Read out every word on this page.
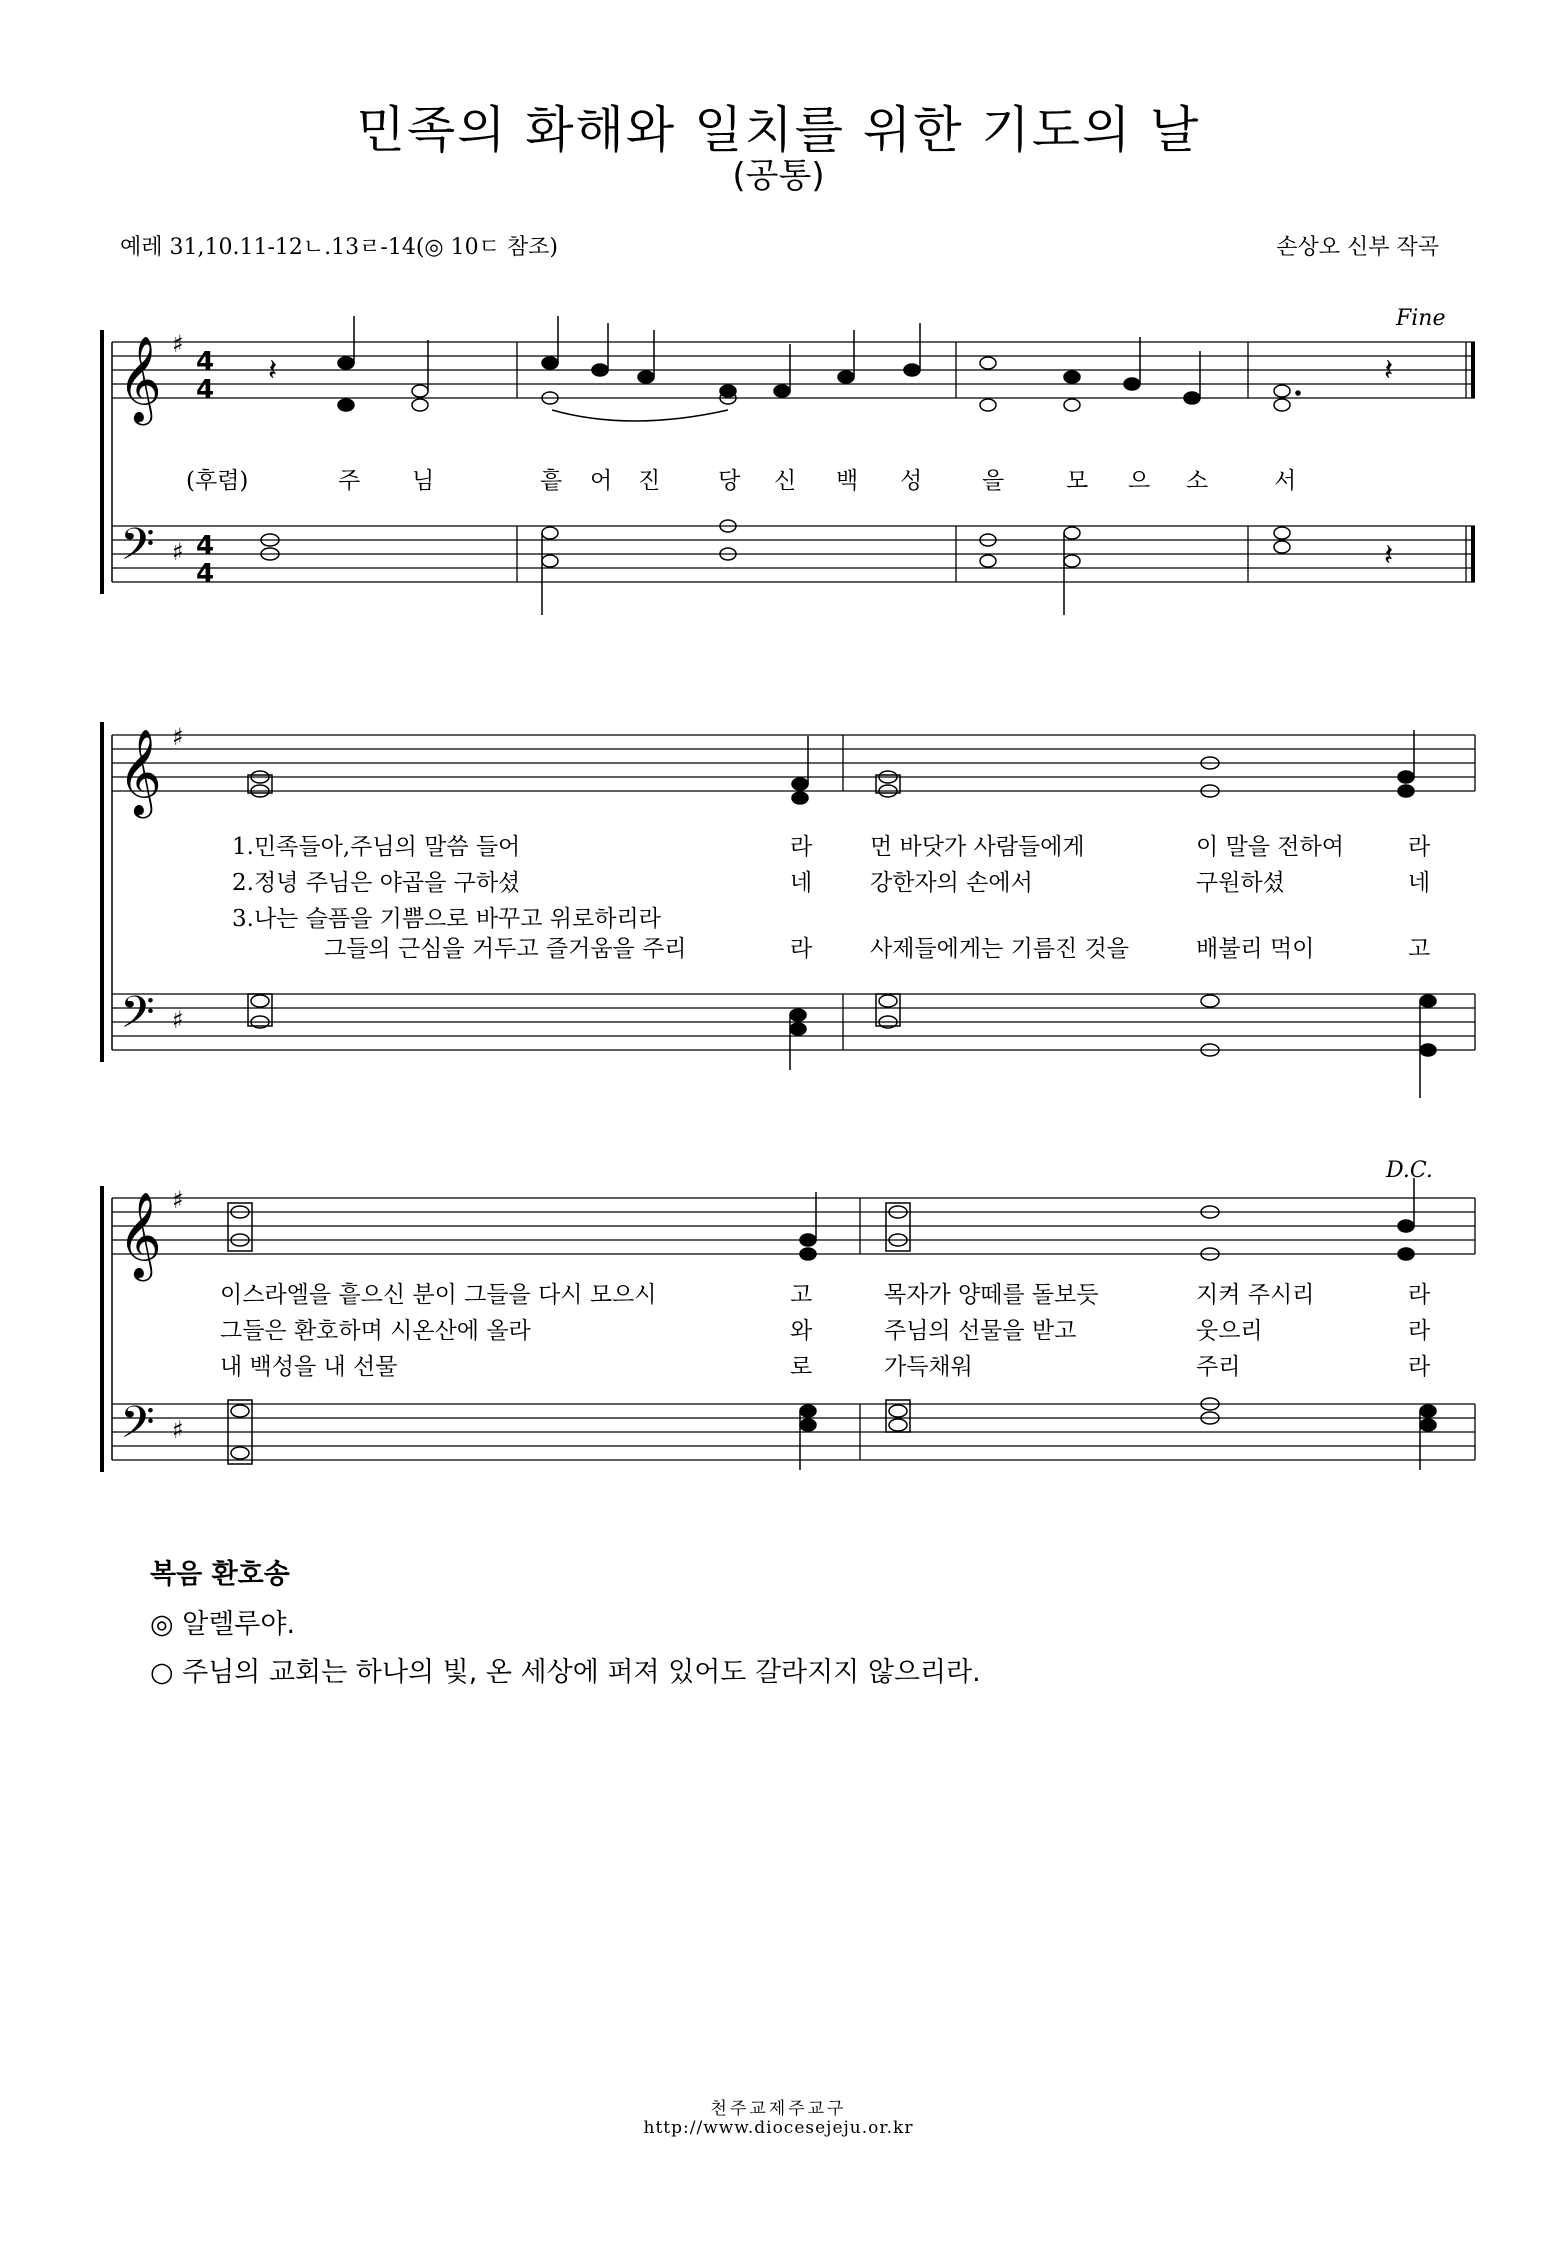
민족의 화해와 일치를 위한 기도의 날
(공통)
예레 31,10.11-12ㄴ.13ㄹ-14(◎ 10ㄷ 참조)	손상오 신부 작곡
𝄞
𝄢
𝄞
𝄢
𝄞
𝄢
♯
♯
♯
♯
♯
♯
4
4
4
4
𝄽	𝄽
𝄽
Fine
D.C.
(후렴)	주 님	흩 어 진	당 신 백 성	을	모 으 소	서
1.민족들아,주님의 말씀 들어	라	먼 바닷가 사람들에게	이 말을 전하여	라
2.정녕 주님은 야곱을 구하셨	네	강한자의 손에서	구원하셨	네
3.나는 슬픔을 기쁨으로 바꾸고 위로하리라
그들의 근심을 거두고 즐거움을 주리	라	사제들에게는 기름진 것을	배불리 먹이	고
이스라엘을 흩으신 분이 그들을 다시 모으시	고	목자가 양떼를 돌보듯	지켜 주시리	라
그들은 환호하며 시온산에 올라	와	주님의 선물을 받고	웃으리	라
내 백성을 내 선물	로	가득채워	주리	라
복음 환호송
◎ 알렐루야.
○ 주님의 교회는 하나의 빛, 온 세상에 퍼져 있어도 갈라지지 않으리라.
천주교제주교구
http://www.diocesejeju.or.kr
